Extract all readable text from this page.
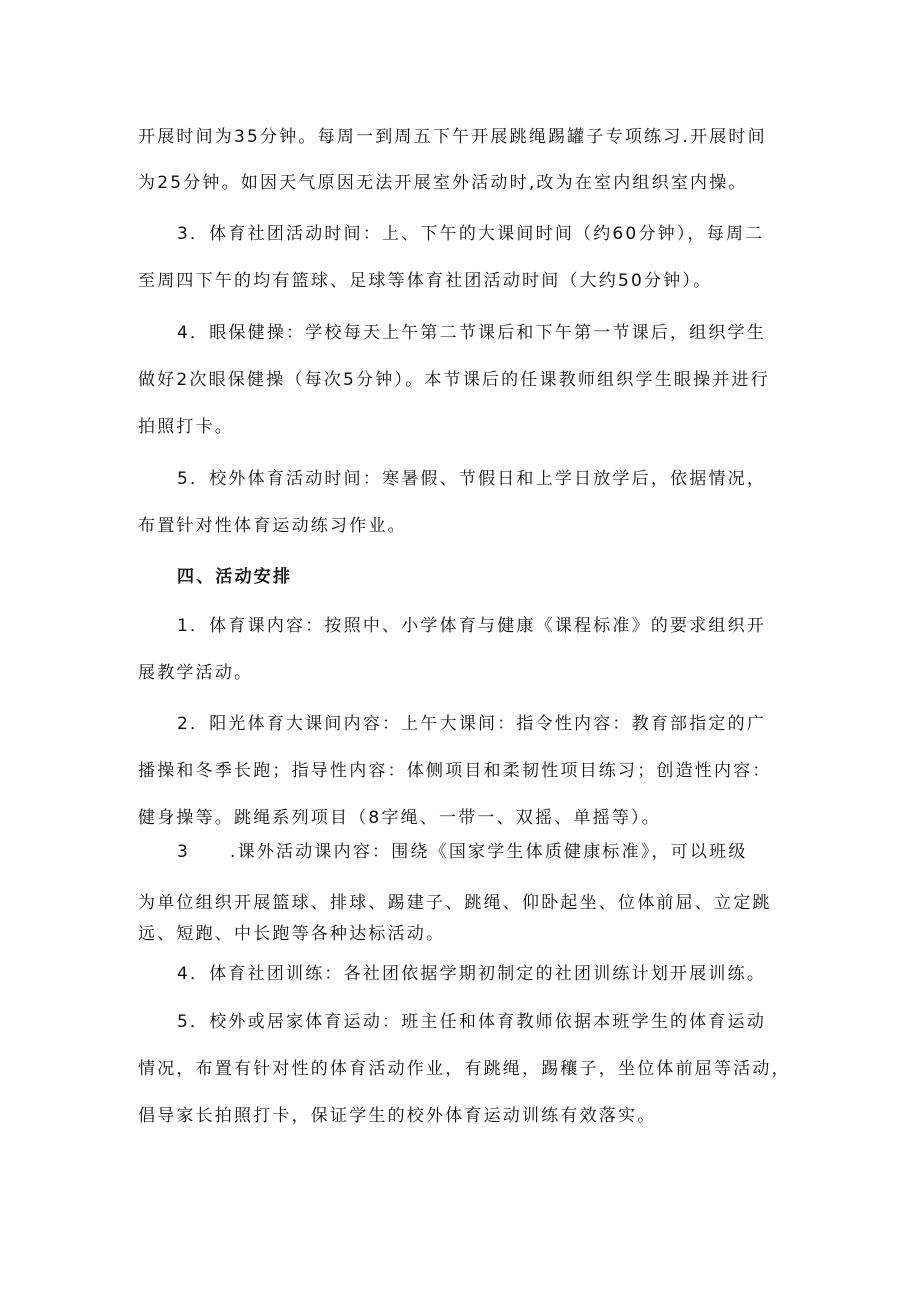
开展时间为35分钟。每周一到周五下午开展跳绳踢罐子专项练习.开展时间
为25分钟。如因天气原因无法开展室外活动时,改为在室内组织室内操。
3．体育社团活动时间：上、下午的大课间时间（约60分钟），每周二
至周四下午的均有篮球、足球等体育社团活动时间（大约50分钟）。
4．眼保健操：学校每天上午第二节课后和下午第一节课后，组织学生
做好2次眼保健操（每次5分钟）。本节课后的任课教师组织学生眼操并进行
拍照打卡。
5．校外体育活动时间：寒暑假、节假日和上学日放学后，依据情况，
布置针对性体育运动练习作业。
四、活动安排
1．体育课内容：按照中、小学体育与健康《课程标准》的要求组织开
展教学活动。
2．阳光体育大课间内容：上午大课间：指令性内容：教育部指定的广
播操和冬季长跑；指导性内容：体侧项目和柔韧性项目练习；创造性内容：
健身操等。跳绳系列项目（8字绳、一带一、双摇、单摇等）。
3 .课外活动课内容：围绕《国家学生体质健康标准》，可以班级
为单位组织开展篮球、排球、踢建子、跳绳、仰卧起坐、位体前屈、立定跳
远、短跑、中长跑等各种达标活动。
4．体育社团训练：各社团依据学期初制定的社团训练计划开展训练。
5．校外或居家体育运动：班主任和体育教师依据本班学生的体育运动
情况，布置有针对性的体育活动作业，有跳绳，踢穰子，坐位体前屈等活动，
倡导家长拍照打卡，保证学生的校外体育运动训练有效落实。
